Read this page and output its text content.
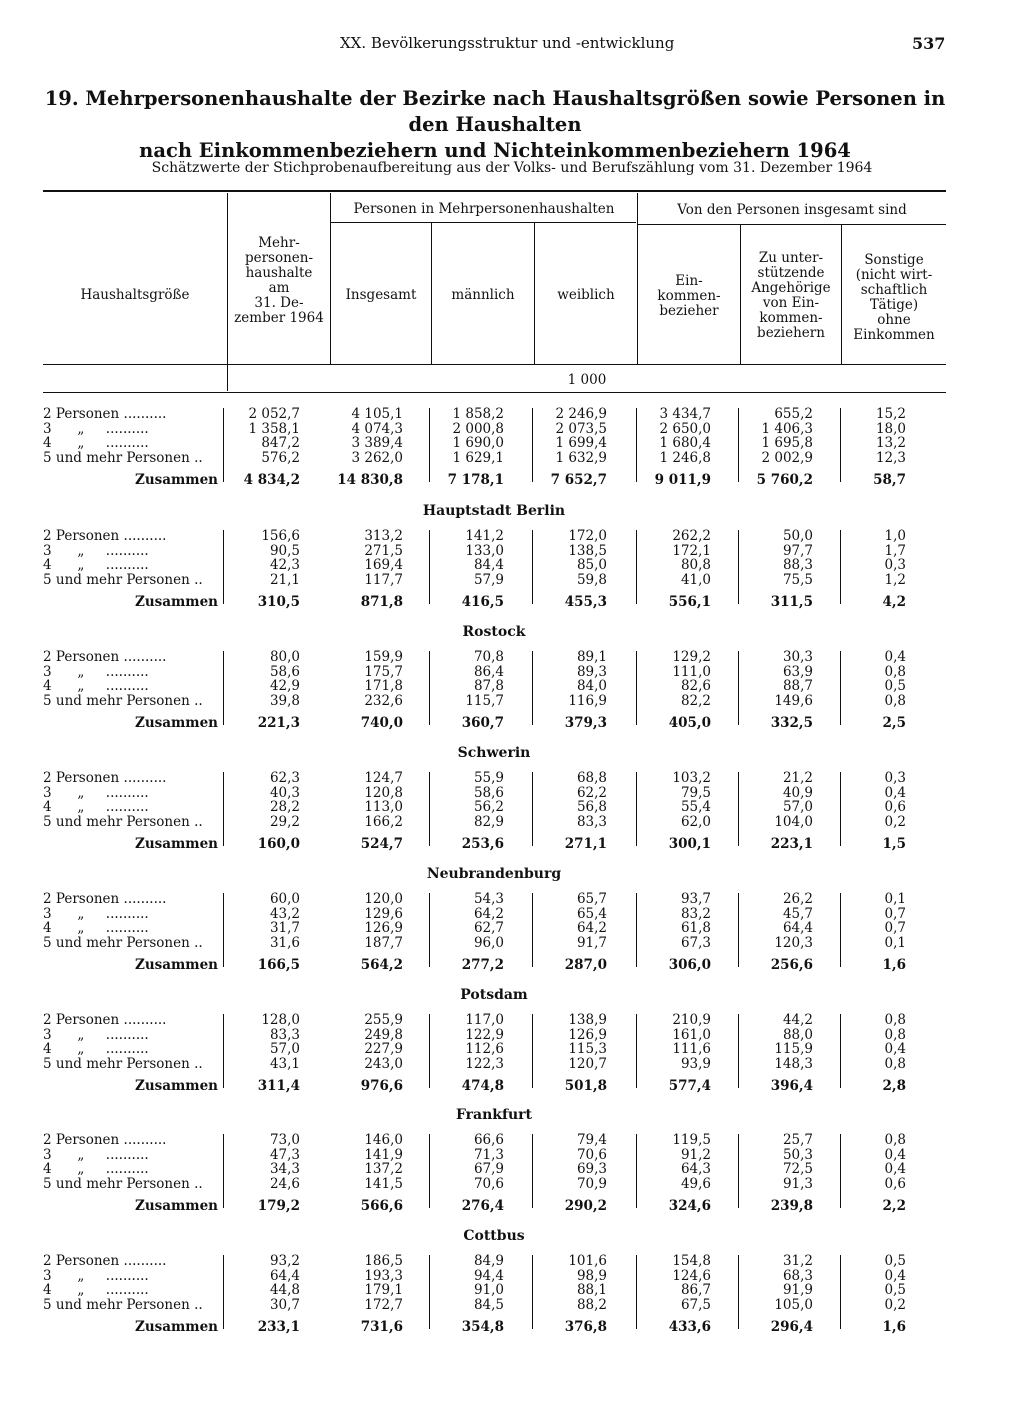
XX. Bevölkerungsstruktur und -entwicklung	537
19. Mehrpersonenhaushalte der Bezirke nach Haushaltsgrößen sowie Personen in den Haushalten
nach Einkommenbeziehern und Nichteinkommenbeziehern 1964
Schätzwerte der Stichprobenaufbereitung aus der Volks- und Berufszählung vom 31. Dezember 1964
Haushaltsgröße
Mehr-
personen-
haushalte
am
31. De-
zember 1964
Personen in Mehrpersonenhaushalten
Insgesamt	männlich	weiblich
Von den Personen insgesamt sind
Ein-
kommen-
bezieher
Zu unter-
stützende
Angehörige
von Ein-
kommen-
beziehern
Sonstige
(nicht wirt-
schaftlich
Tätige)
ohne
Einkommen
1 000
2 Personen ..........	2 052,7	4 105,1	1 858,2	2 246,9	3 434,7	655,2	15,2
3      „     ..........	1 358,1	4 074,3	2 000,8	2 073,5	2 650,0	1 406,3	18,0
4      „     ..........	847,2	3 389,4	1 690,0	1 699,4	1 680,4	1 695,8	13,2
5 und mehr Personen ..	576,2	3 262,0	1 629,1	1 632,9	1 246,8	2 002,9	12,3
Zusammen	4 834,2	14 830,8	7 178,1	7 652,7	9 011,9	5 760,2	58,7
Hauptstadt Berlin
2 Personen ..........	156,6	313,2	141,2	172,0	262,2	50,0	1,0
3      „     ..........	90,5	271,5	133,0	138,5	172,1	97,7	1,7
4      „     ..........	42,3	169,4	84,4	85,0	80,8	88,3	0,3
5 und mehr Personen ..	21,1	117,7	57,9	59,8	41,0	75,5	1,2
Zusammen	310,5	871,8	416,5	455,3	556,1	311,5	4,2
Rostock
2 Personen ..........	80,0	159,9	70,8	89,1	129,2	30,3	0,4
3      „     ..........	58,6	175,7	86,4	89,3	111,0	63,9	0,8
4      „     ..........	42,9	171,8	87,8	84,0	82,6	88,7	0,5
5 und mehr Personen ..	39,8	232,6	115,7	116,9	82,2	149,6	0,8
Zusammen	221,3	740,0	360,7	379,3	405,0	332,5	2,5
Schwerin
2 Personen ..........	62,3	124,7	55,9	68,8	103,2	21,2	0,3
3      „     ..........	40,3	120,8	58,6	62,2	79,5	40,9	0,4
4      „     ..........	28,2	113,0	56,2	56,8	55,4	57,0	0,6
5 und mehr Personen ..	29,2	166,2	82,9	83,3	62,0	104,0	0,2
Zusammen	160,0	524,7	253,6	271,1	300,1	223,1	1,5
Neubrandenburg
2 Personen ..........	60,0	120,0	54,3	65,7	93,7	26,2	0,1
3      „     ..........	43,2	129,6	64,2	65,4	83,2	45,7	0,7
4      „     ..........	31,7	126,9	62,7	64,2	61,8	64,4	0,7
5 und mehr Personen ..	31,6	187,7	96,0	91,7	67,3	120,3	0,1
Zusammen	166,5	564,2	277,2	287,0	306,0	256,6	1,6
Potsdam
2 Personen ..........	128,0	255,9	117,0	138,9	210,9	44,2	0,8
3      „     ..........	83,3	249,8	122,9	126,9	161,0	88,0	0,8
4      „     ..........	57,0	227,9	112,6	115,3	111,6	115,9	0,4
5 und mehr Personen ..	43,1	243,0	122,3	120,7	93,9	148,3	0,8
Zusammen	311,4	976,6	474,8	501,8	577,4	396,4	2,8
Frankfurt
2 Personen ..........	73,0	146,0	66,6	79,4	119,5	25,7	0,8
3      „     ..........	47,3	141,9	71,3	70,6	91,2	50,3	0,4
4      „     ..........	34,3	137,2	67,9	69,3	64,3	72,5	0,4
5 und mehr Personen ..	24,6	141,5	70,6	70,9	49,6	91,3	0,6
Zusammen	179,2	566,6	276,4	290,2	324,6	239,8	2,2
Cottbus
2 Personen ..........	93,2	186,5	84,9	101,6	154,8	31,2	0,5
3      „     ..........	64,4	193,3	94,4	98,9	124,6	68,3	0,4
4      „     ..........	44,8	179,1	91,0	88,1	86,7	91,9	0,5
5 und mehr Personen ..	30,7	172,7	84,5	88,2	67,5	105,0	0,2
Zusammen	233,1	731,6	354,8	376,8	433,6	296,4	1,6
